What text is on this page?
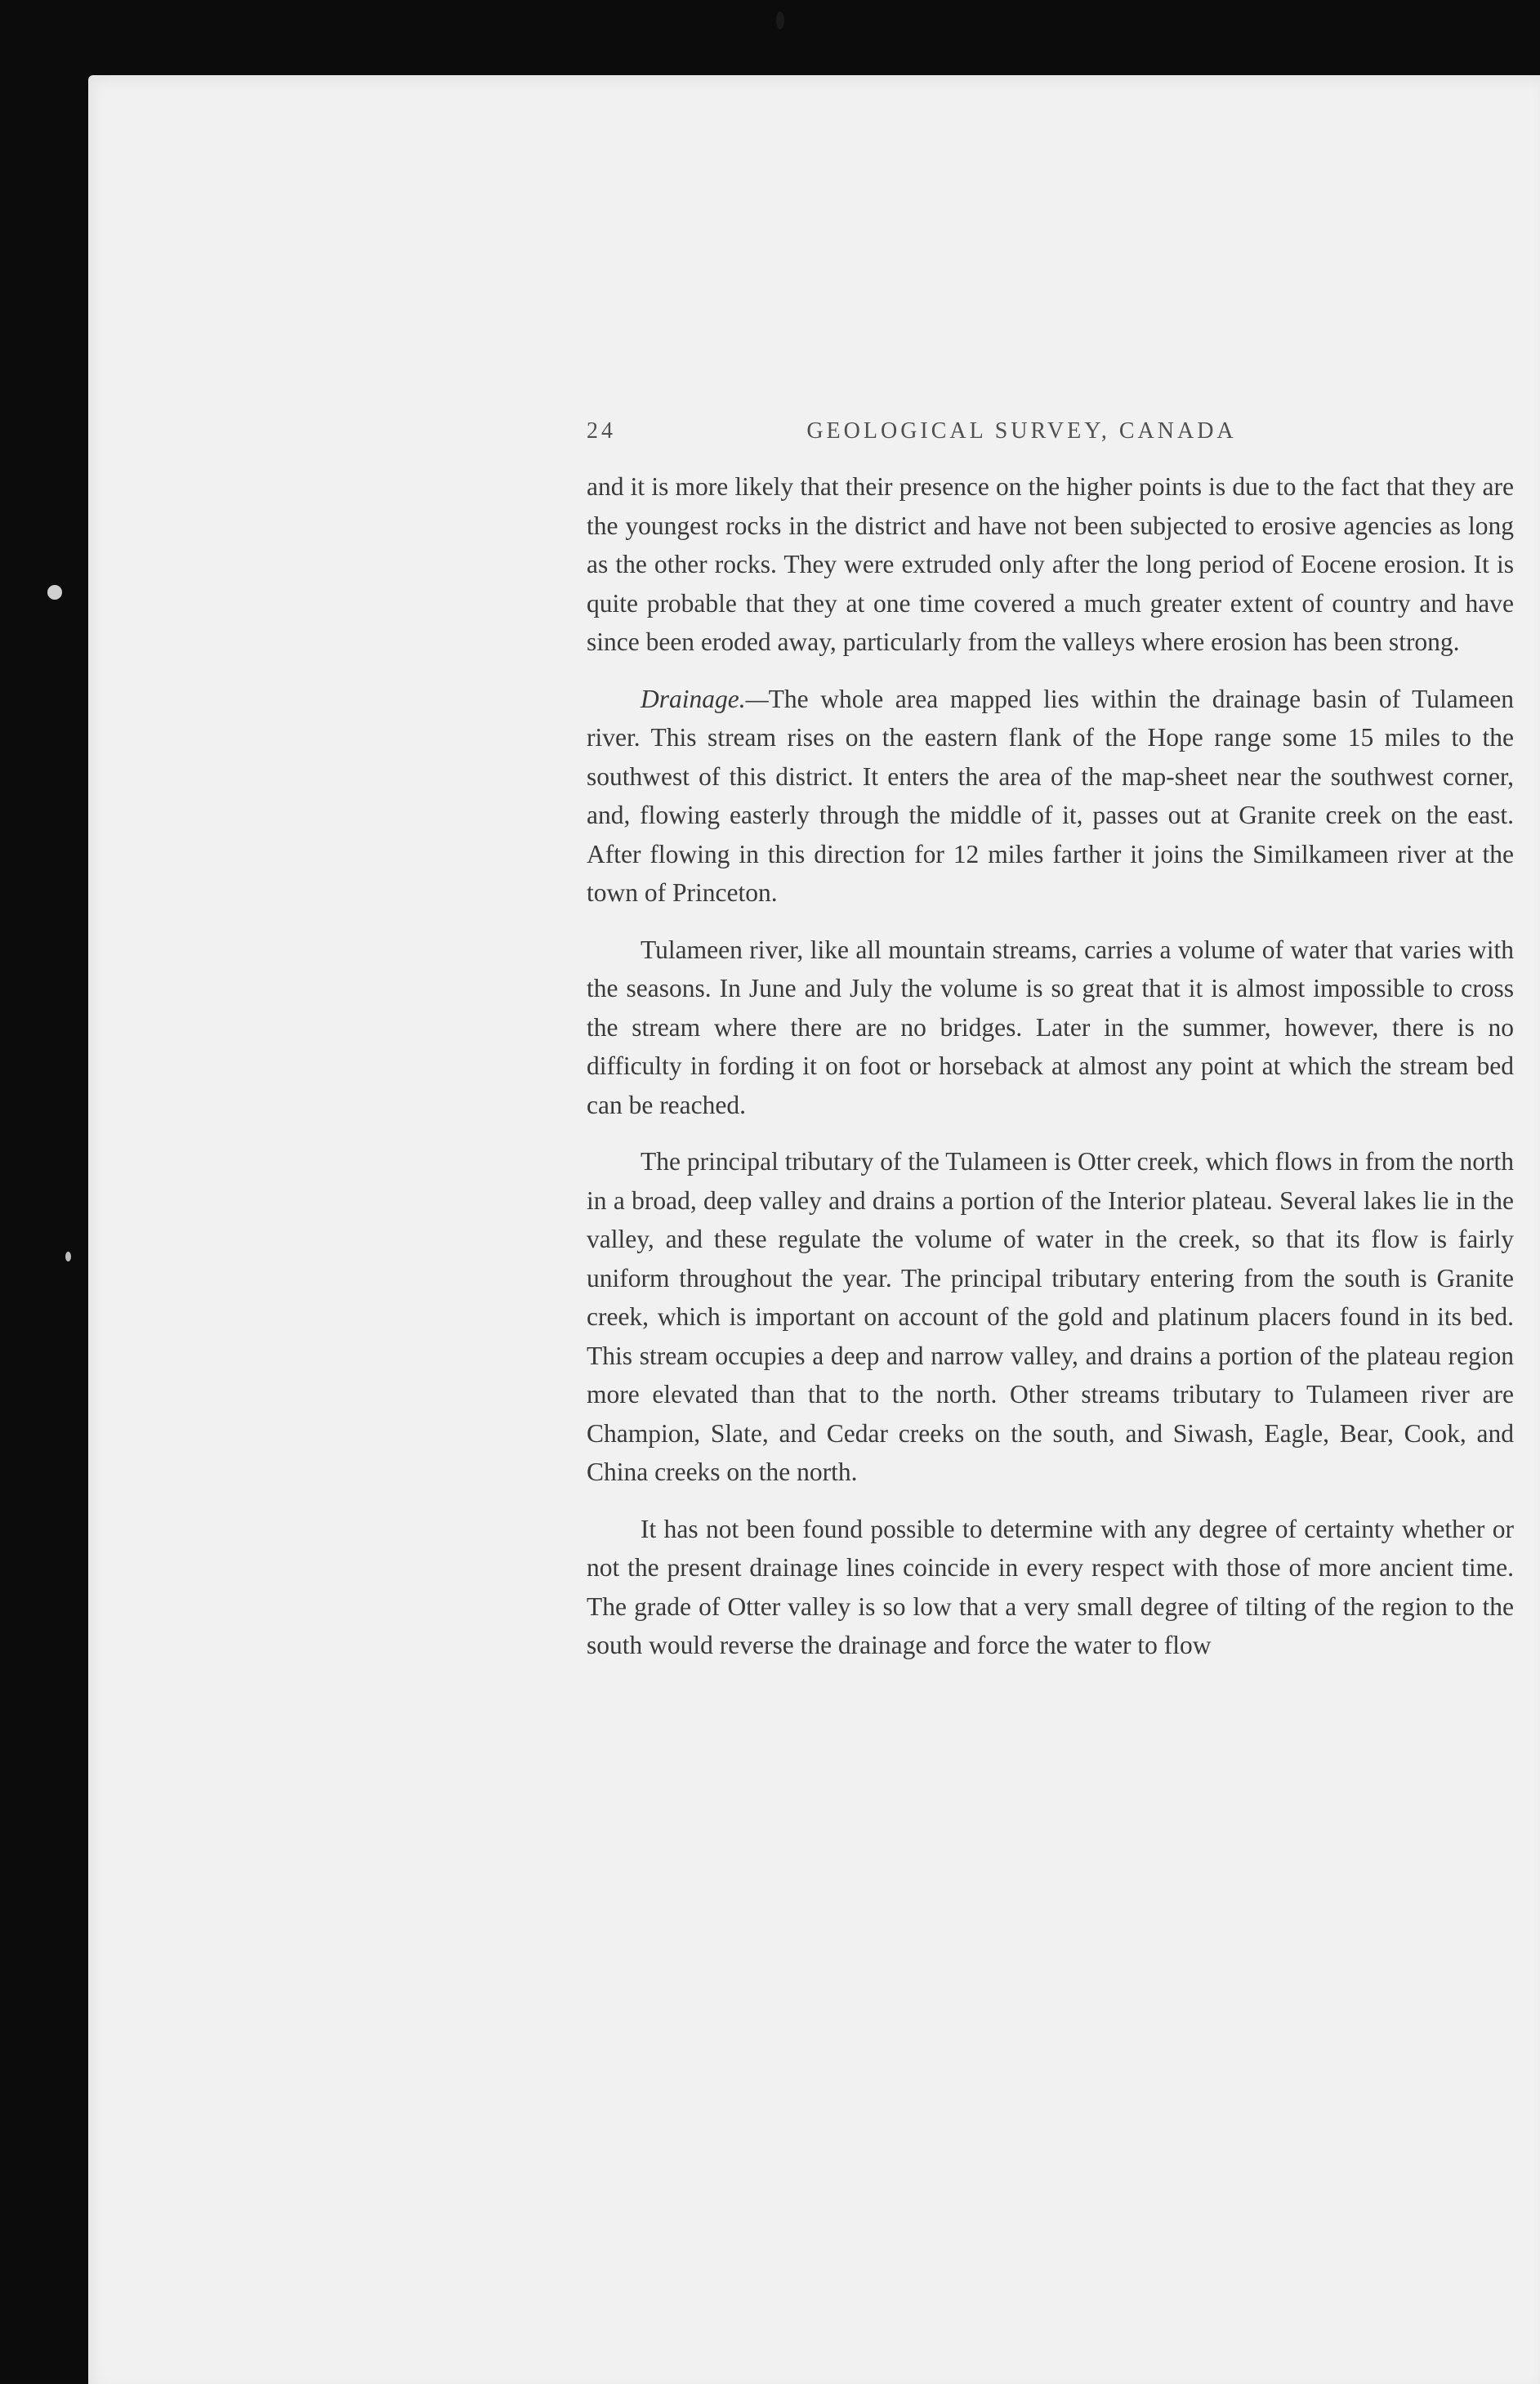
24	GEOLOGICAL SURVEY, CANADA

and it is more likely that their presence on the higher points is due to the fact that they are the youngest rocks in the district and have not been subjected to erosive agencies as long as the other rocks. They were extruded only after the long period of Eocene erosion. It is quite probable that they at one time covered a much greater extent of country and have since been eroded away, particularly from the valleys where erosion has been strong.

Drainage.—The whole area mapped lies within the drainage basin of Tulameen river. This stream rises on the eastern flank of the Hope range some 15 miles to the southwest of this district. It enters the area of the map-sheet near the southwest corner, and, flowing easterly through the middle of it, passes out at Granite creek on the east. After flowing in this direction for 12 miles farther it joins the Similkameen river at the town of Princeton.

Tulameen river, like all mountain streams, carries a volume of water that varies with the seasons. In June and July the volume is so great that it is almost impossible to cross the stream where there are no bridges. Later in the summer, however, there is no difficulty in fording it on foot or horseback at almost any point at which the stream bed can be reached.

The principal tributary of the Tulameen is Otter creek, which flows in from the north in a broad, deep valley and drains a portion of the Interior plateau. Several lakes lie in the valley, and these regulate the volume of water in the creek, so that its flow is fairly uniform throughout the year. The principal tributary entering from the south is Granite creek, which is important on account of the gold and platinum placers found in its bed. This stream occupies a deep and narrow valley, and drains a portion of the plateau region more elevated than that to the north. Other streams tributary to Tulameen river are Champion, Slate, and Cedar creeks on the south, and Siwash, Eagle, Bear, Cook, and China creeks on the north.

It has not been found possible to determine with any degree of certainty whether or not the present drainage lines coincide in every respect with those of more ancient time. The grade of Otter valley is so low that a very small degree of tilting of the region to the south would reverse the drainage and force the water to flow
